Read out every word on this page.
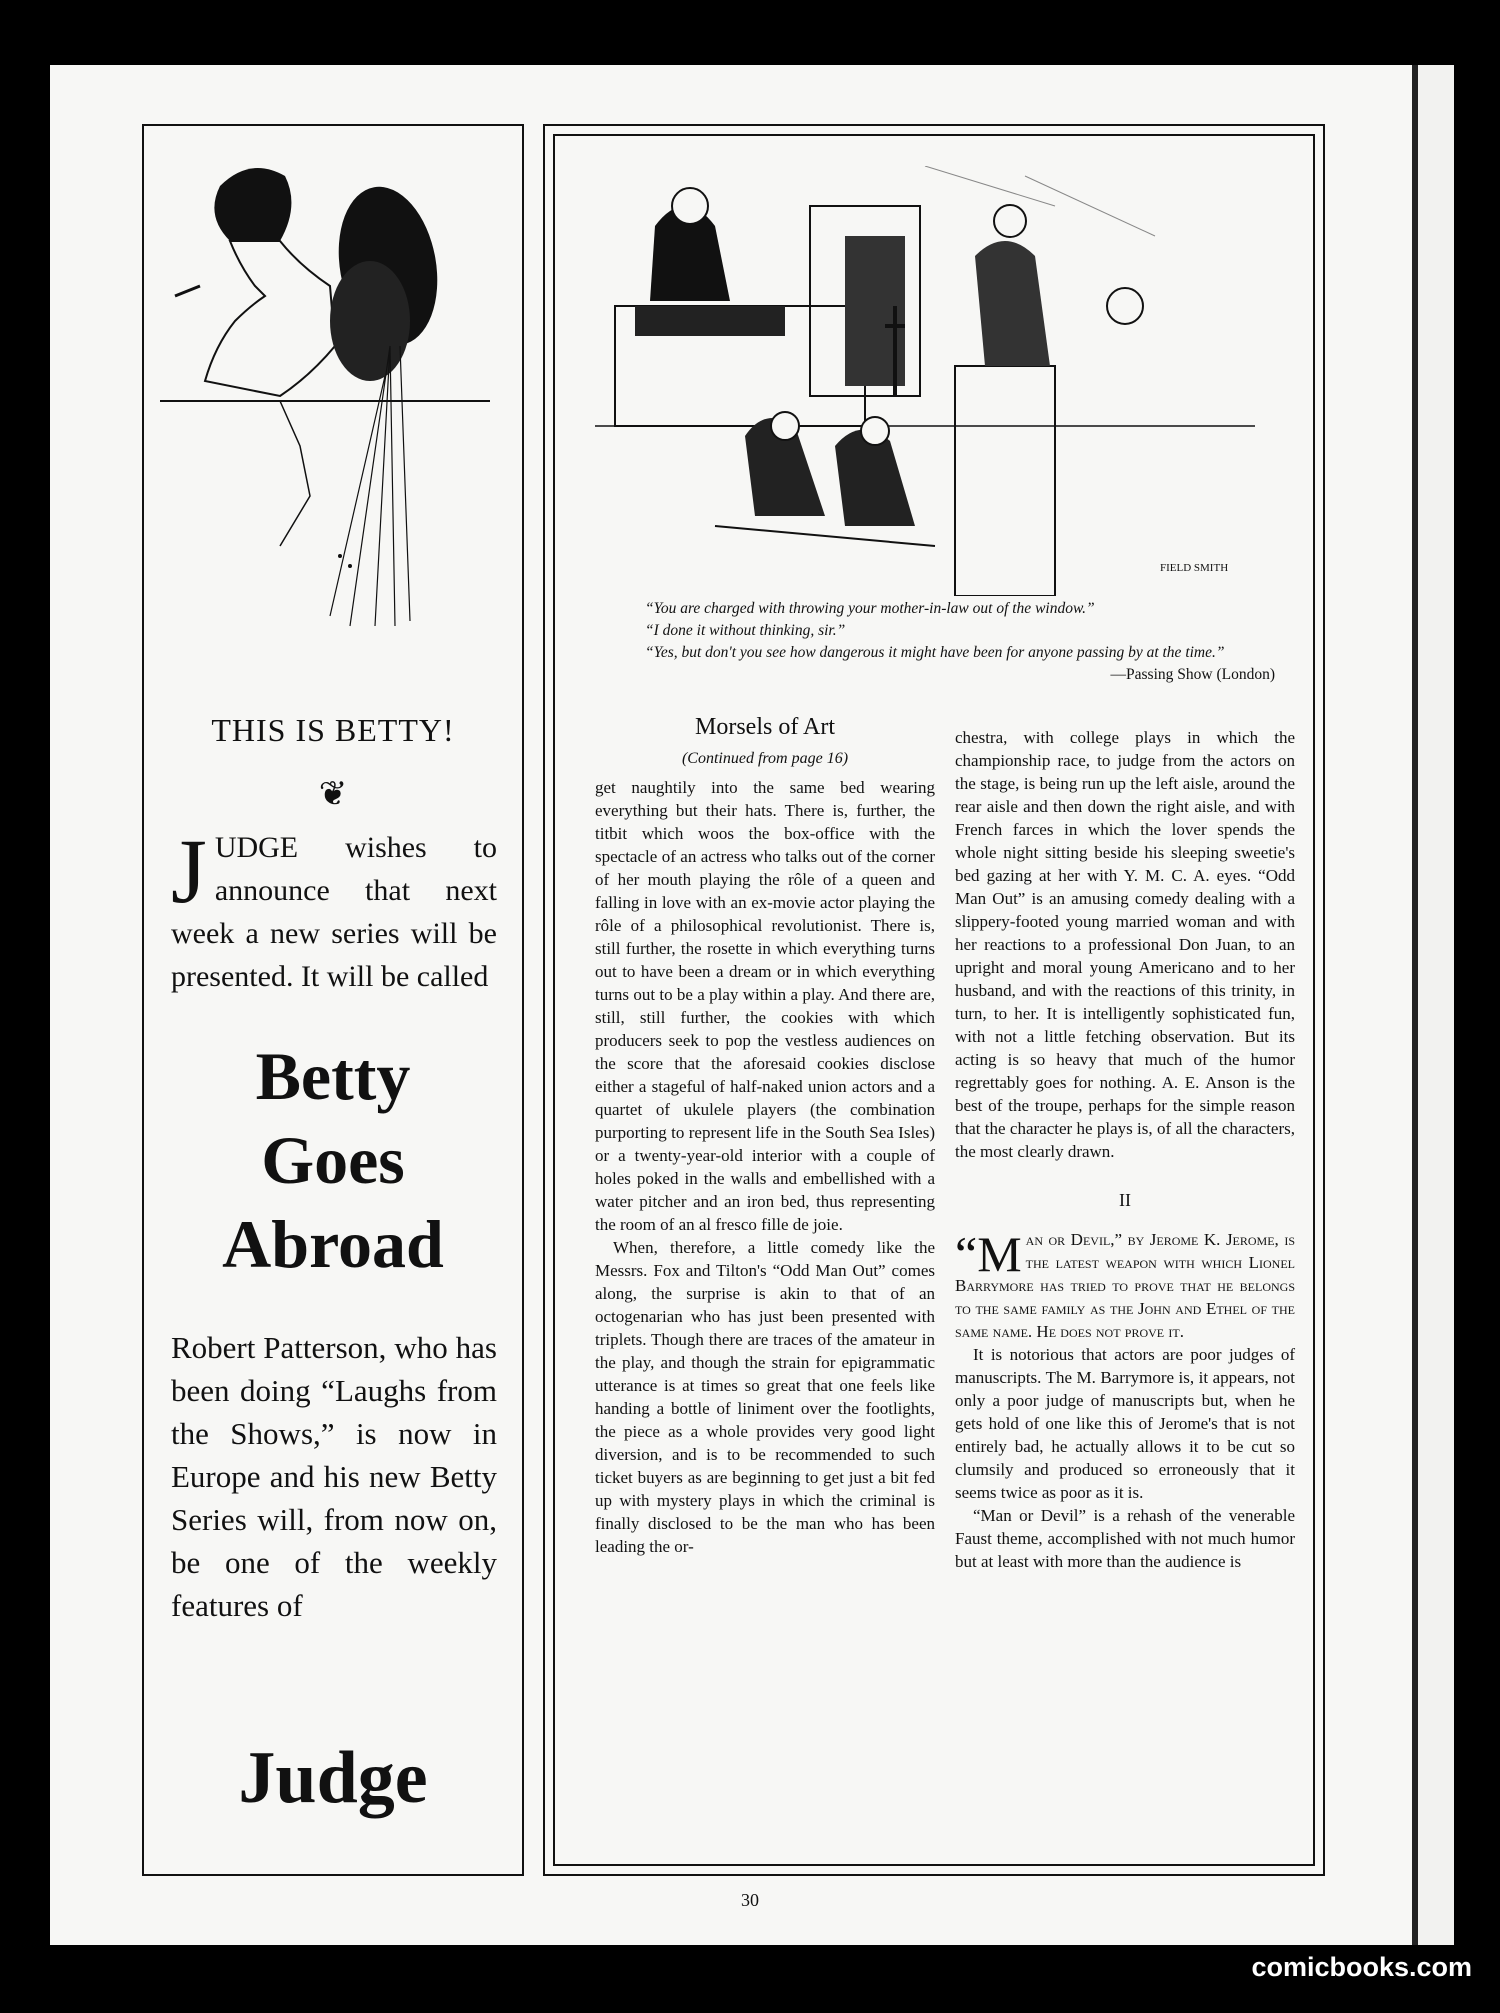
THIS IS BETTY!
❦
JUDGE wishes to announce that next week a new series will be presented. It will be called
Betty
Goes
Abroad
Robert Patterson, who has been doing “Laughs from the Shows,” is now in Europe and his new Betty Series will, from now on, be one of the weekly features of
Judge
FIELD SMITH
“You are charged with throwing your mother-in-law out of the window.”
“I done it without thinking, sir.”
“Yes, but don't you see how dangerous it might have been for anyone passing by at the time.”
—Passing Show (London)
Morsels of Art
(Continued from page 16)

get naughtily into the same bed wearing everything but their hats. There is, further, the titbit which woos the box-office with the spectacle of an actress who talks out of the corner of her mouth playing the rôle of a queen and falling in love with an ex-movie actor playing the rôle of a philosophical revolutionist. There is, still further, the rosette in which everything turns out to have been a dream or in which everything turns out to be a play within a play. And there are, still, still further, the cookies with which producers seek to pop the vestless audiences on the score that the aforesaid cookies disclose either a stageful of half-naked union actors and a quartet of ukulele players (the combination purporting to represent life in the South Sea Isles) or a twenty-year-old interior with a couple of holes poked in the walls and embellished with a water pitcher and an iron bed, thus representing the room of an al fresco fille de joie.

When, therefore, a little comedy like the Messrs. Fox and Tilton's “Odd Man Out” comes along, the surprise is akin to that of an octogenarian who has just been presented with triplets. Though there are traces of the amateur in the play, and though the strain for epigrammatic utterance is at times so great that one feels like handing a bottle of liniment over the footlights, the piece as a whole provides very good light diversion, and is to be recommended to such ticket buyers as are beginning to get just a bit fed up with mystery plays in which the criminal is finally disclosed to be the man who has been leading the or-

chestra, with college plays in which the championship race, to judge from the actors on the stage, is being run up the left aisle, around the rear aisle and then down the right aisle, and with French farces in which the lover spends the whole night sitting beside his sleeping sweetie's bed gazing at her with Y. M. C. A. eyes. “Odd Man Out” is an amusing comedy dealing with a slippery-footed young married woman and with her reactions to a professional Don Juan, to an upright and moral young Americano and to her husband, and with the reactions of this trinity, in turn, to her. It is intelligently sophisticated fun, with not a little fetching observation. But its acting is so heavy that much of the humor regrettably goes for nothing. A. E. Anson is the best of the troupe, perhaps for the simple reason that the character he plays is, of all the characters, the most clearly drawn.

II

“Man or Devil,” by Jerome K. Jerome, is the latest weapon with which Lionel Barrymore has tried to prove that he belongs to the same family as the John and Ethel of the same name. He does not prove it.

It is notorious that actors are poor judges of manuscripts. The M. Barrymore is, it appears, not only a poor judge of manuscripts but, when he gets hold of one like this of Jerome's that is not entirely bad, he actually allows it to be cut so clumsily and produced so erroneously that it seems twice as poor as it is.

“Man or Devil” is a rehash of the venerable Faust theme, accomplished with not much humor but at least with more than the audience is

30
comicbooks.com
